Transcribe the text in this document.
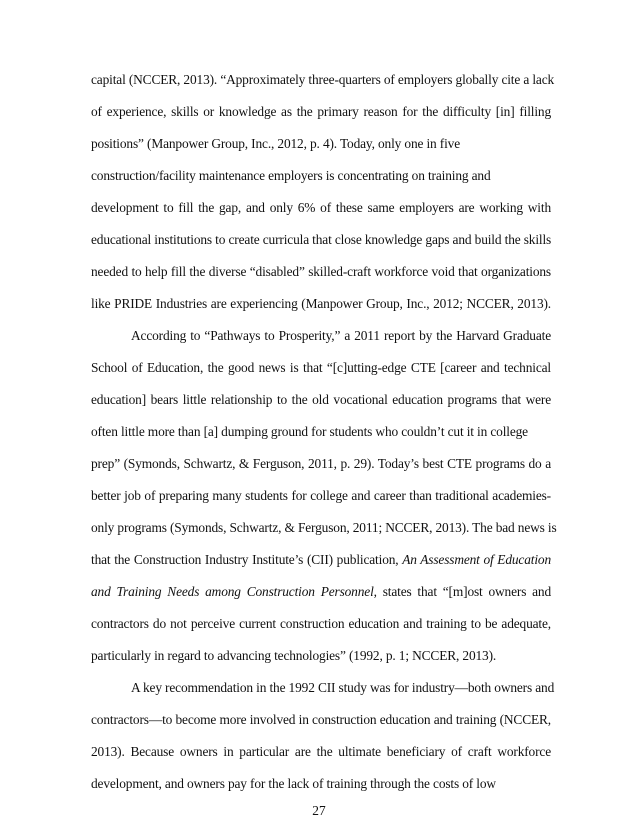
capital (NCCER, 2013). “Approximately three-quarters of employers globally cite a lack
of experience, skills or knowledge as the primary reason for the difficulty [in] filling
positions” (Manpower Group, Inc., 2012, p. 4). Today, only one in five
construction/facility maintenance employers is concentrating on training and
development to fill the gap, and only 6% of these same employers are working with
educational institutions to create curricula that close knowledge gaps and build the skills
needed to help fill the diverse “disabled” skilled-craft workforce void that organizations
like PRIDE Industries are experiencing (Manpower Group, Inc., 2012; NCCER, 2013).
According to “Pathways to Prosperity,” a 2011 report by the Harvard Graduate
School of Education, the good news is that “[c]utting-edge CTE [career and technical
education] bears little relationship to the old vocational education programs that were
often little more than [a] dumping ground for students who couldn’t cut it in college
prep” (Symonds, Schwartz, & Ferguson, 2011, p. 29). Today’s best CTE programs do a
better job of preparing many students for college and career than traditional academies-
only programs (Symonds, Schwartz, & Ferguson, 2011; NCCER, 2013). The bad news is
that the Construction Industry Institute’s (CII) publication, An Assessment of Education
and Training Needs among Construction Personnel, states that “[m]ost owners and
contractors do not perceive current construction education and training to be adequate,
particularly in regard to advancing technologies” (1992, p. 1; NCCER, 2013).
A key recommendation in the 1992 CII study was for industry—both owners and
contractors—to become more involved in construction education and training (NCCER,
2013). Because owners in particular are the ultimate beneficiary of craft workforce
development, and owners pay for the lack of training through the costs of low
27
